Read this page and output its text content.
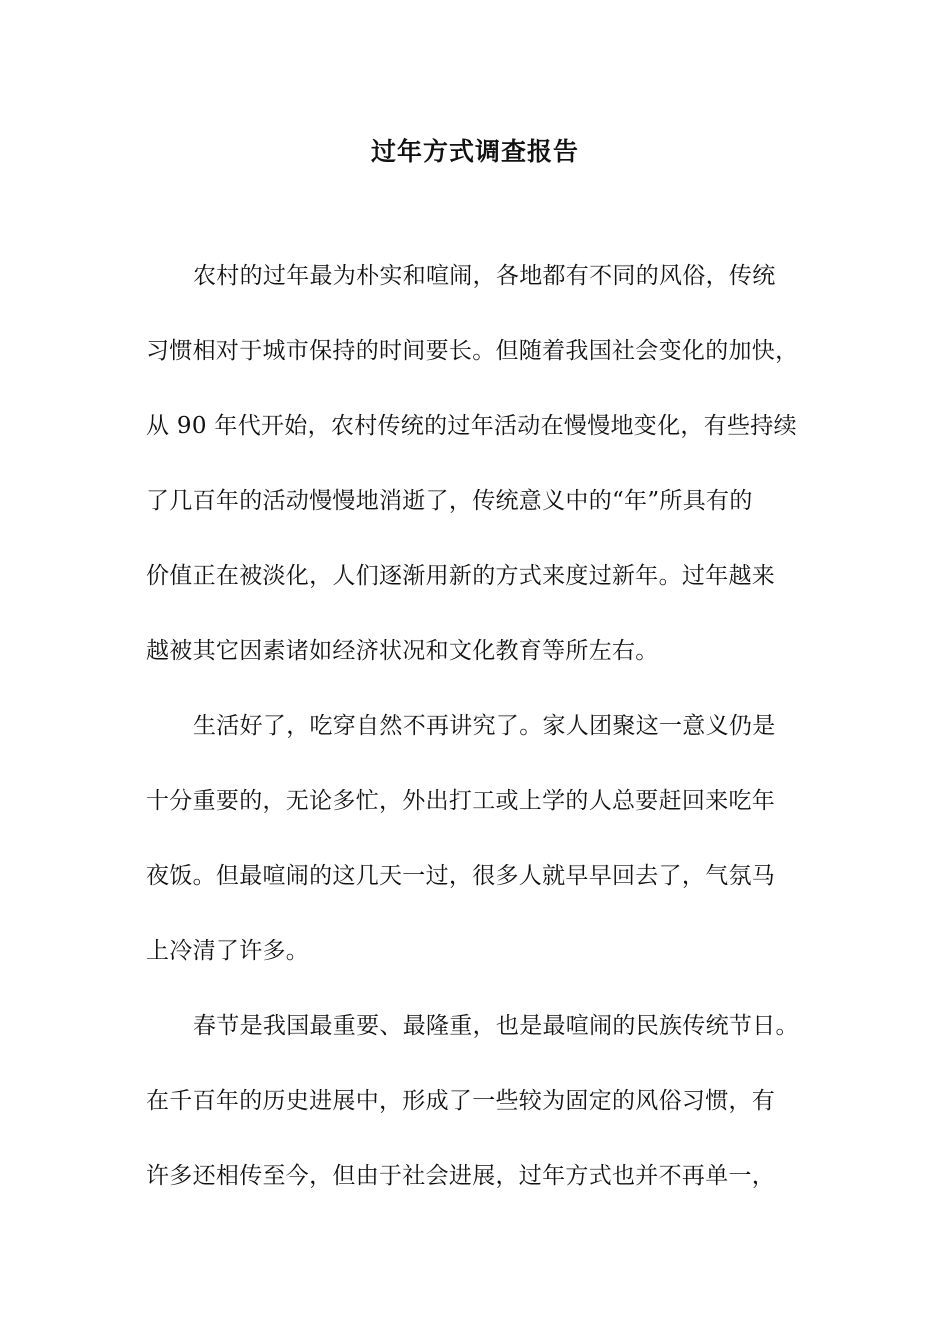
过年方式调查报告
农村的过年最为朴实和喧闹，各地都有不同的风俗，传统
习惯相对于城市保持的时间要长。但随着我国社会变化的加快，
从 90 年代开始，农村传统的过年活动在慢慢地变化，有些持续
了几百年的活动慢慢地消逝了，传统意义中的“年”所具有的
价值正在被淡化，人们逐渐用新的方式来度过新年。过年越来
越被其它因素诸如经济状况和文化教育等所左右。
生活好了，吃穿自然不再讲究了。家人团聚这一意义仍是
十分重要的，无论多忙，外出打工或上学的人总要赶回来吃年
夜饭。但最喧闹的这几天一过，很多人就早早回去了，气氛马
上冷清了许多。
春节是我国最重要、最隆重，也是最喧闹的民族传统节日。
在千百年的历史进展中，形成了一些较为固定的风俗习惯，有
许多还相传至今，但由于社会进展，过年方式也并不再单一，
